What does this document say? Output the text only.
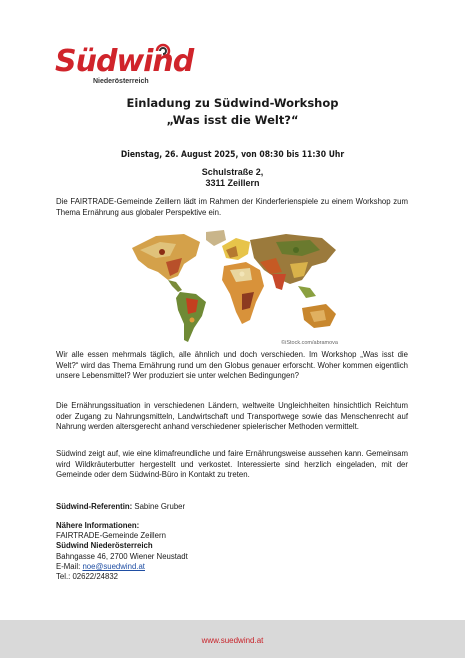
Südwind
Niederösterreich
Einladung zu Südwind-Workshop
„Was isst die Welt?“
Dienstag, 26. August 2025, von 08:30 bis 11:30 Uhr
Schulstraße 2,
3311 Zeillern

Die FAIRTRADE-Gemeinde Zeillern lädt im Rahmen der Kinderferienspiele zu einem Workshop zum Thema Ernährung aus globaler Perspektive ein.

©iStock.com/abramova

Wir alle essen mehrmals täglich, alle ähnlich und doch verschieden. Im Workshop „Was isst die Welt?“ wird das Thema Ernährung rund um den Globus genauer erforscht. Woher kommen eigentlich unsere Lebensmittel? Wer produziert sie unter welchen Bedingungen?

Die Ernährungssituation in verschiedenen Ländern, weltweite Ungleichheiten hinsichtlich Reichtum oder Zugang zu Nahrungsmitteln, Landwirtschaft und Transportwege sowie das Menschenrecht auf Nahrung werden altersgerecht anhand verschiedener spielerischer Methoden vermittelt.

Südwind zeigt auf, wie eine klimafreundliche und faire Ernährungsweise aussehen kann. Gemeinsam wird Wildkräuterbutter hergestellt und verkostet. Interessierte sind herzlich eingeladen, mit der Gemeinde oder dem Südwind-Büro in Kontakt zu treten.

Südwind-Referentin: Sabine Gruber
Nähere Informationen:
FAIRTRADE-Gemeinde Zeillern
Südwind Niederösterreich
Bahngasse 46, 2700 Wiener Neustadt
E-Mail: noe@suedwind.at
Tel.: 02622/24832
www.suedwind.at
